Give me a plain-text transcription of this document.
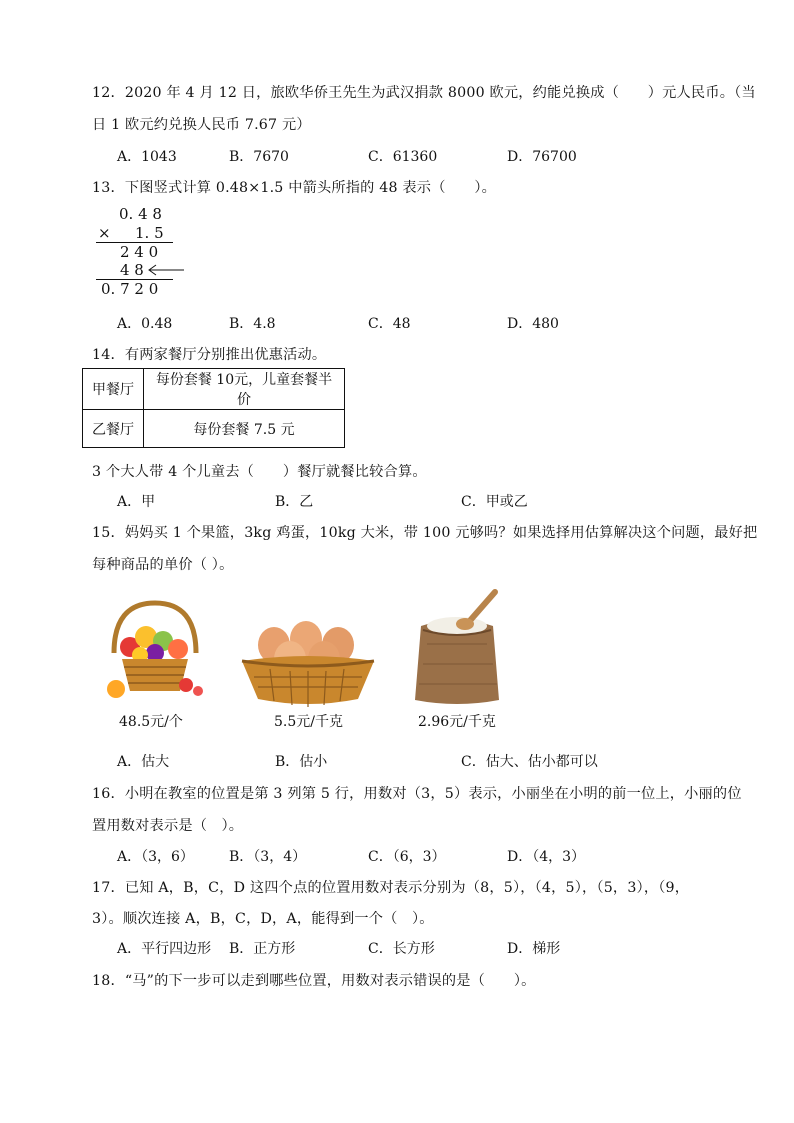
12．2020 年 4 月 12 日，旅欧华侨王先生为武汉捐款 8000 欧元，约能兑换成（　　）元人民币。（当
日 1 欧元约兑换人民币 7.67 元）
A．1043	B．7670	C．61360	D．76700
13．下图竖式计算 0.48×1.5 中箭头所指的 48 表示（　　）。
0. 4 8
× 1. 5
2 4 0
4 8
0. 7 2 0
A．0.48	B．4.8	C．48	D．480
14．有两家餐厅分别推出优惠活动。
甲餐厅	每份套餐 10元，儿童套餐半价
乙餐厅	每份套餐 7.5 元
3 个大人带 4 个儿童去（　　）餐厅就餐比较合算。
A．甲	B．乙	C．甲或乙
15．妈妈买 1 个果篮，3kg 鸡蛋，10kg 大米，带 100 元够吗？如果选择用估算解决这个问题，最好把
每种商品的单价（ ）。
48.5元/个	5.5元/千克	2.96元/千克
A．估大	B．估小	C．估大、估小都可以
16．小明在教室的位置是第 3 列第 5 行，用数对（3，5）表示，小丽坐在小明的前一位上，小丽的位
置用数对表示是（　）。
A．（3，6）	B．（3，4）	C．（6，3）	D．（4，3）
17．已知 A，B，C，D 这四个点的位置用数对表示分别为（8，5），（4，5），（5，3），（9，
3）。顺次连接 A，B，C，D，A，能得到一个（　）。
A．平行四边形 B．正方形	C．长方形	D．梯形
18．“马”的下一步可以走到哪些位置，用数对表示错误的是（　　）。
